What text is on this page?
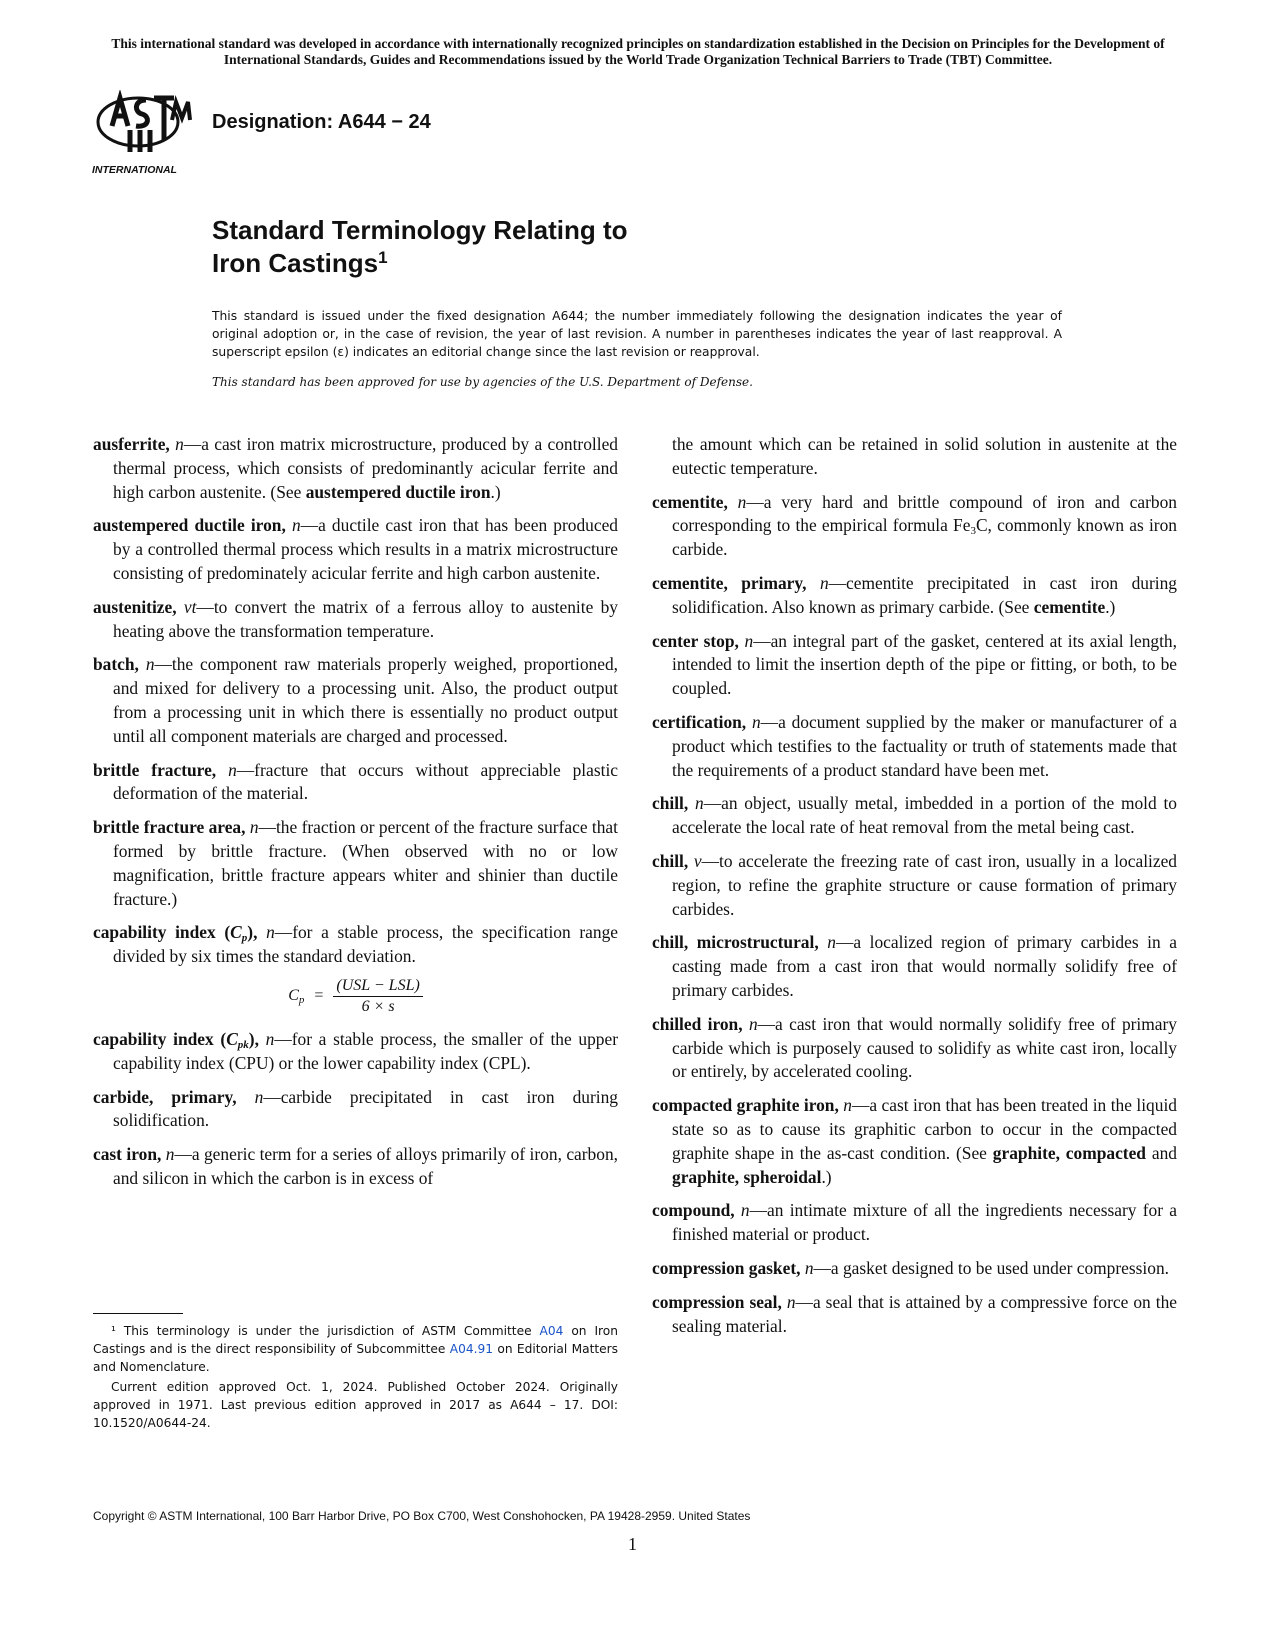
This international standard was developed in accordance with internationally recognized principles on standardization established in the Decision on Principles for the Development of International Standards, Guides and Recommendations issued by the World Trade Organization Technical Barriers to Trade (TBT) Committee.
INTERNATIONAL
Designation: A644 − 24
Standard Terminology Relating to
Iron Castings$^1$
This standard is issued under the fixed designation A644; the number immediately following the designation indicates the year of original adoption or, in the case of revision, the year of last revision. A number in parentheses indicates the year of last reapproval. A superscript epsilon (ε) indicates an editorial change since the last revision or reapproval.
This standard has been approved for use by agencies of the U.S. Department of Defense.

ausferrite, n—a cast iron matrix microstructure, produced by a controlled thermal process, which consists of predominantly acicular ferrite and high carbon austenite. (See austempered ductile iron.)

austempered ductile iron, n—a ductile cast iron that has been produced by a controlled thermal process which results in a matrix microstructure consisting of predominately acicular ferrite and high carbon austenite.

austenitize, vt—to convert the matrix of a ferrous alloy to austenite by heating above the transformation temperature.

batch, n—the component raw materials properly weighed, proportioned, and mixed for delivery to a processing unit. Also, the product output from a processing unit in which there is essentially no product output until all component materials are charged and processed.

brittle fracture, n—fracture that occurs without appreciable plastic deformation of the material.

brittle fracture area, n—the fraction or percent of the fracture surface that formed by brittle fracture. (When observed with no or low magnification, brittle fracture appears whiter and shinier than ductile fracture.)

capability index $(C_p)$, n—for a stable process, the specification range divided by six times the standard deviation.

$C_p = \frac{\text{(USL − LSL)}}{6 \times s}$

capability index $(C_{pk})$, n—for a stable process, the smaller of the upper capability index (CPU) or the lower capability index (CPL).

carbide, primary, n—carbide precipitated in cast iron during solidification.

cast iron, n—a generic term for a series of alloys primarily of iron, carbon, and silicon in which the carbon is in excess of

¹ This terminology is under the jurisdiction of ASTM Committee A04 on Iron Castings and is the direct responsibility of Subcommittee A04.91 on Editorial Matters and Nomenclature.
Current edition approved Oct. 1, 2024. Published October 2024. Originally approved in 1971. Last previous edition approved in 2017 as A644 – 17. DOI: 10.1520/A0644-24.

the amount which can be retained in solid solution in austenite at the eutectic temperature.

cementite, n—a very hard and brittle compound of iron and carbon corresponding to the empirical formula $Fe_3C$, commonly known as iron carbide.

cementite, primary, n—cementite precipitated in cast iron during solidification. Also known as primary carbide. (See cementite.)

center stop, n—an integral part of the gasket, centered at its axial length, intended to limit the insertion depth of the pipe or fitting, or both, to be coupled.

certification, n—a document supplied by the maker or manufacturer of a product which testifies to the factuality or truth of statements made that the requirements of a product standard have been met.

chill, n—an object, usually metal, imbedded in a portion of the mold to accelerate the local rate of heat removal from the metal being cast.

chill, v—to accelerate the freezing rate of cast iron, usually in a localized region, to refine the graphite structure or cause formation of primary carbides.

chill, microstructural, n—a localized region of primary carbides in a casting made from a cast iron that would normally solidify free of primary carbides.

chilled iron, n—a cast iron that would normally solidify free of primary carbide which is purposely caused to solidify as white cast iron, locally or entirely, by accelerated cooling.

compacted graphite iron, n—a cast iron that has been treated in the liquid state so as to cause its graphitic carbon to occur in the compacted graphite shape in the as-cast condition. (See graphite, compacted and graphite, spheroidal.)

compound, n—an intimate mixture of all the ingredients necessary for a finished material or product.

compression gasket, n—a gasket designed to be used under compression.

compression seal, n—a seal that is attained by a compressive force on the sealing material.

Copyright © ASTM International, 100 Barr Harbor Drive, PO Box C700, West Conshohocken, PA 19428-2959. United States
1
